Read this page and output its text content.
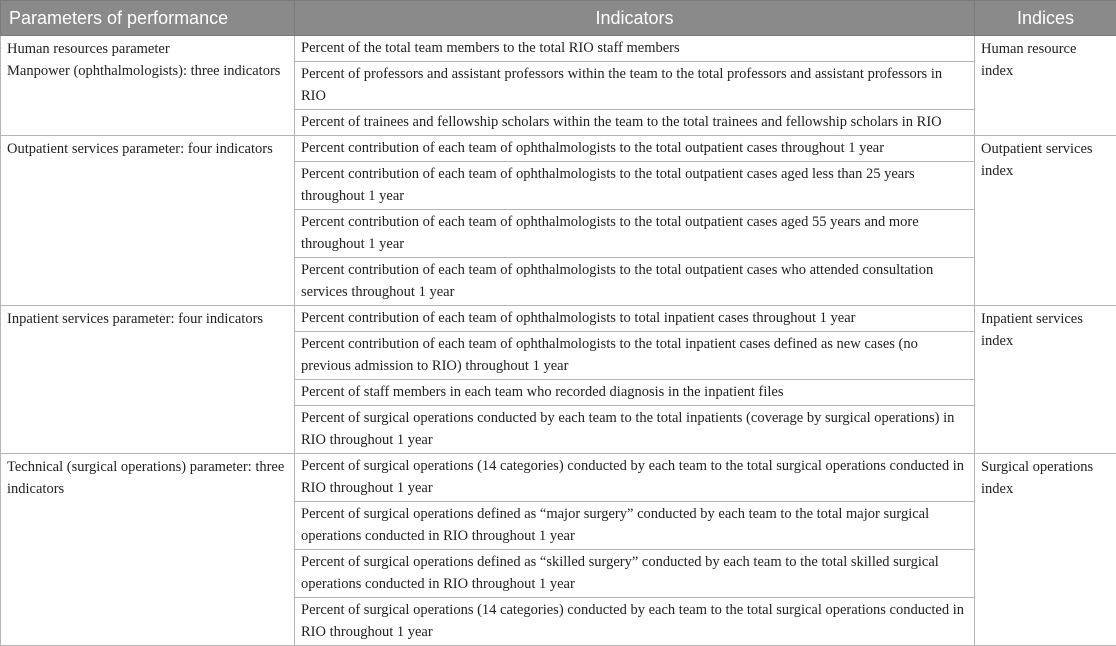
Parameters of performance	Indicators	Indices

Human resources parameter
Manpower (ophthalmologists): three indicators	Percent of the total team members to the total RIO staff members	Human resource index
	Percent of professors and assistant professors within the team to the total professors and assistant professors in RIO	
	Percent of trainees and fellowship scholars within the team to the total trainees and fellowship scholars in RIO	
Outpatient services parameter: four indicators	Percent contribution of each team of ophthalmologists to the total outpatient cases throughout 1 year	Outpatient services index
	Percent contribution of each team of ophthalmologists to the total outpatient cases aged less than 25 years throughout 1 year	
	Percent contribution of each team of ophthalmologists to the total outpatient cases aged 55 years and more throughout 1 year	
	Percent contribution of each team of ophthalmologists to the total outpatient cases who attended consultation services throughout 1 year	
Inpatient services parameter: four indicators	Percent contribution of each team of ophthalmologists to total inpatient cases throughout 1 year	Inpatient services index
	Percent contribution of each team of ophthalmologists to the total inpatient cases defined as new cases (no previous admission to RIO) throughout 1 year	
	Percent of staff members in each team who recorded diagnosis in the inpatient files	
	Percent of surgical operations conducted by each team to the total inpatients (coverage by surgical operations) in RIO throughout 1 year	
Technical (surgical operations) parameter: three indicators	Percent of surgical operations (14 categories) conducted by each team to the total surgical operations conducted in RIO throughout 1 year	Surgical operations index
	Percent of surgical operations defined as “major surgery” conducted by each team to the total major surgical operations conducted in RIO throughout 1 year	
	Percent of surgical operations defined as “skilled surgery” conducted by each team to the total skilled surgical operations conducted in RIO throughout 1 year	
	Percent of surgical operations (14 categories) conducted by each team to the total surgical operations conducted in RIO throughout 1 year	
